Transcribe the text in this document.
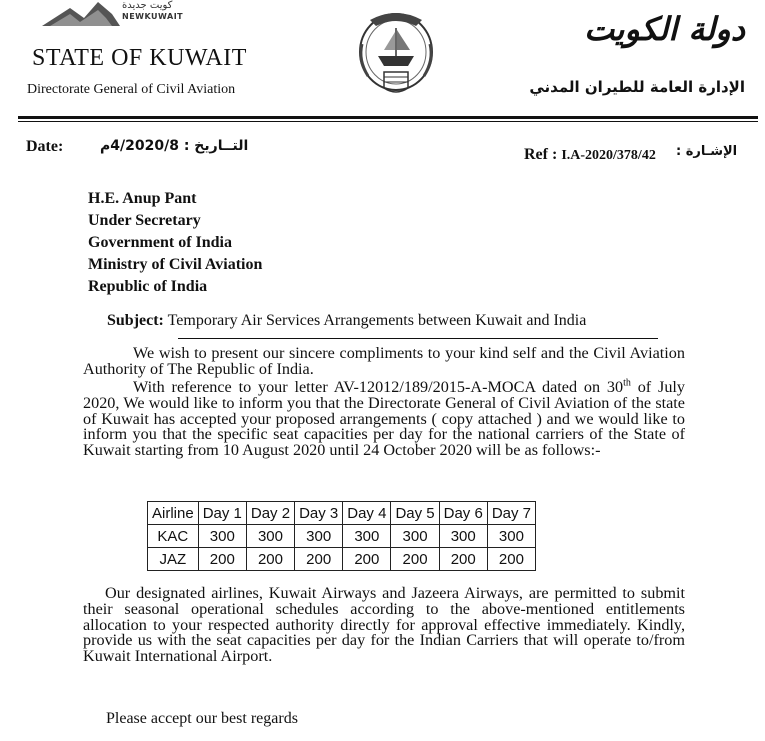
كويت جديدة
NEWKUWAIT
STATE OF KUWAIT
Directorate General of Civil Aviation
دولة الكويت
الإدارة العامة للطيران المدني
Date:	التــاريخ : 4/2020/8م	Ref : I.A-2020/378/42 : الإشـارة
H.E. Anup Pant
Under Secretary
Government of India
Ministry of Civil Aviation
Republic of India
Subject: Temporary Air Services Arrangements between Kuwait and India
We wish to present our sincere compliments to your kind self and the Civil Aviation Authority of The Republic of India.
With reference to your letter AV-12012/189/2015-A-MOCA dated on 30th of July 2020, We would like to inform you that the Directorate General of Civil Aviation of the state of Kuwait has accepted your proposed arrangements ( copy attached ) and we would like to inform you that the specific seat capacities per day for the national carriers of the State of Kuwait starting from 10 August 2020 until 24 October 2020 will be as follows:-
Airline	Day 1	Day 2	Day 3	Day 4	Day 5	Day 6	Day 7
KAC	300	300	300	300	300	300	300
JAZ	200	200	200	200	200	200	200
Our designated airlines, Kuwait Airways and Jazeera Airways, are permitted to submit their seasonal operational schedules according to the above-mentioned entitlements allocation to your respected authority directly for approval effective immediately. Kindly, provide us with the seat capacities per day for the Indian Carriers that will operate to/from Kuwait International Airport.
Please accept our best regards
